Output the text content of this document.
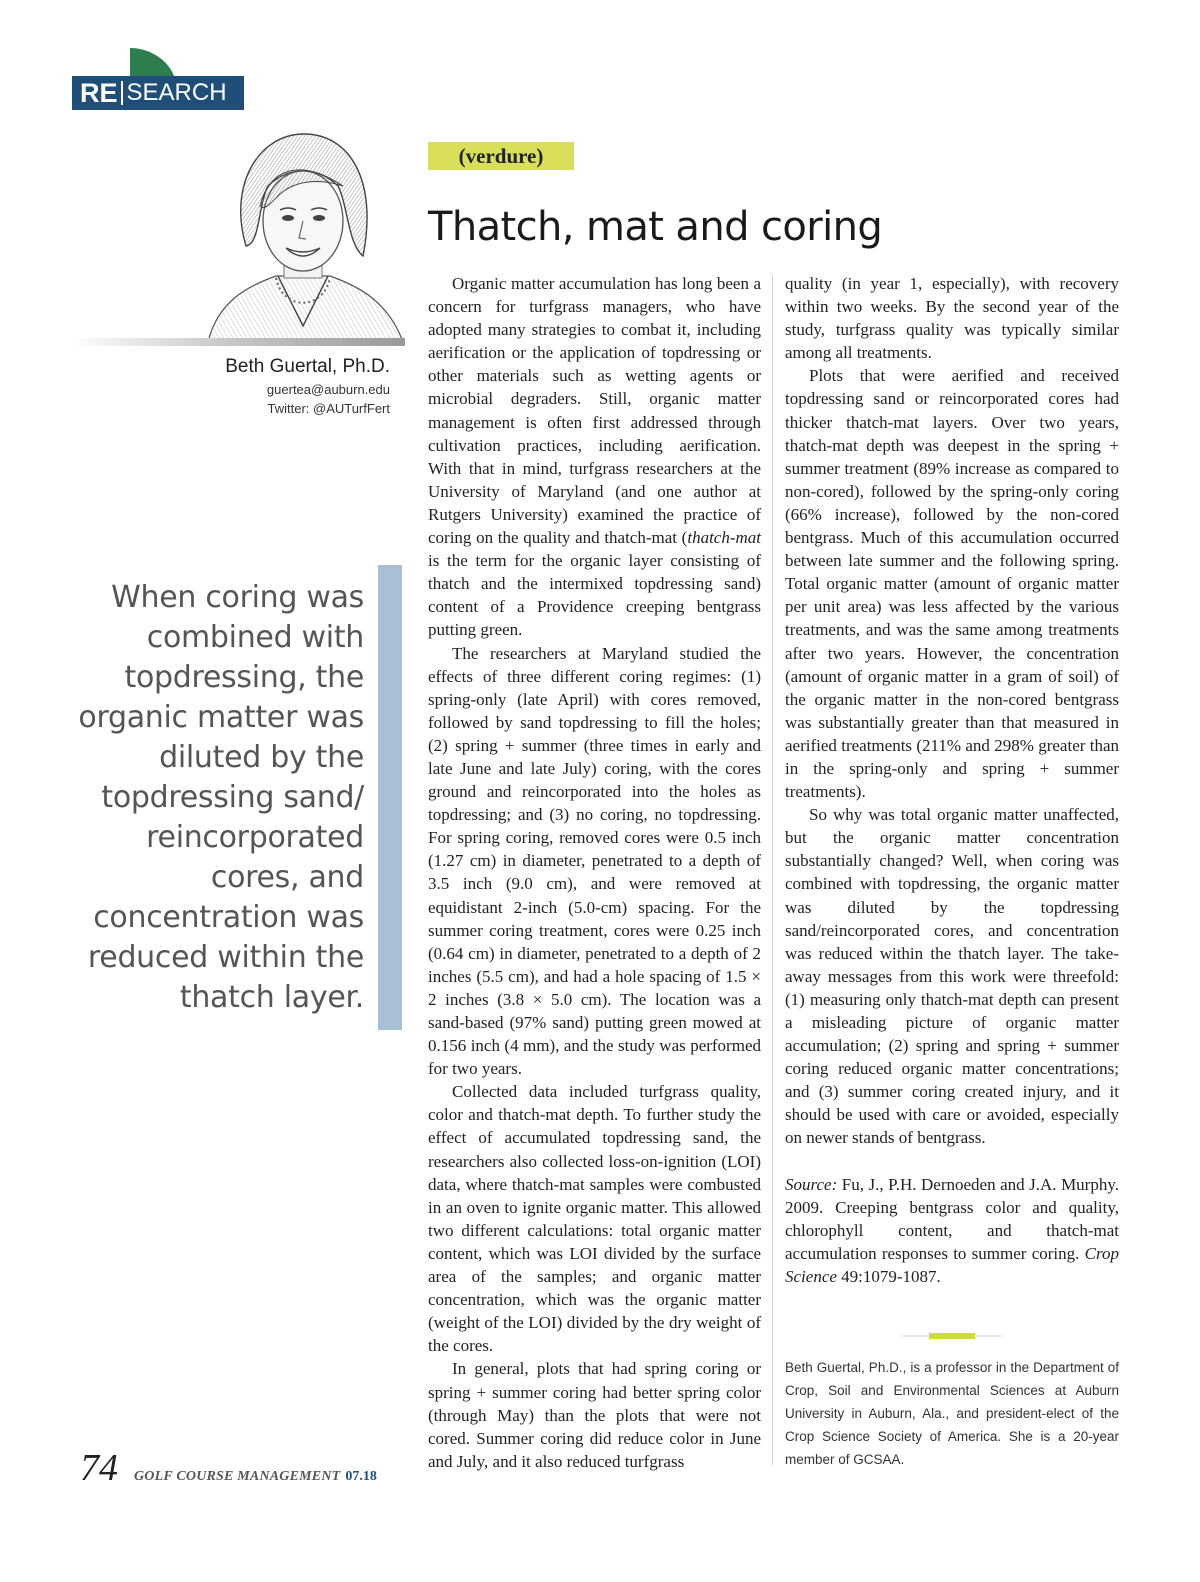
RE SEARCH
Beth Guertal, Ph.D.
guertea@auburn.edu
Twitter: @AUTurfFert
When coring was combined with topdressing, the organic matter was diluted by the topdressing sand/ reincorporated cores, and concentration was reduced within the thatch layer.
(verdure)
Thatch, mat and coring

Organic matter accumulation has long been a concern for turfgrass managers, who have adopted many strategies to combat it, including aerification or the application of topdressing or other materials such as wetting agents or microbial degraders. Still, organic matter management is often first addressed through cultivation practices, including aerification. With that in mind, turfgrass researchers at the University of Maryland (and one author at Rutgers University) examined the practice of coring on the quality and thatch-mat (thatch-mat is the term for the organic layer consisting of thatch and the intermixed topdressing sand) content of a Providence creeping bentgrass putting green.

The researchers at Maryland studied the effects of three different coring regimes: (1) spring-only (late April) with cores removed, followed by sand topdressing to fill the holes; (2) spring + summer (three times in early and late June and late July) coring, with the cores ground and reincorporated into the holes as topdressing; and (3) no coring, no topdressing. For spring coring, removed cores were 0.5 inch (1.27 cm) in diameter, penetrated to a depth of 3.5 inch (9.0 cm), and were removed at equidistant 2-inch (5.0-cm) spacing. For the summer coring treatment, cores were 0.25 inch (0.64 cm) in diameter, penetrated to a depth of 2 inches (5.5 cm), and had a hole spacing of 1.5 × 2 inches (3.8 × 5.0 cm). The location was a sand-based (97% sand) putting green mowed at 0.156 inch (4 mm), and the study was performed for two years.

Collected data included turfgrass quality, color and thatch-mat depth. To further study the effect of accumulated topdressing sand, the researchers also collected loss-on-ignition (LOI) data, where thatch-mat samples were combusted in an oven to ignite organic matter. This allowed two different calculations: total organic matter content, which was LOI divided by the surface area of the samples; and organic matter concentration, which was the organic matter (weight of the LOI) divided by the dry weight of the cores.

In general, plots that had spring coring or spring + summer coring had better spring color (through May) than the plots that were not cored. Summer coring did reduce color in June and July, and it also reduced turfgrass

quality (in year 1, especially), with recovery within two weeks. By the second year of the study, turfgrass quality was typically similar among all treatments.

Plots that were aerified and received topdressing sand or reincorporated cores had thicker thatch-mat layers. Over two years, thatch-mat depth was deepest in the spring + summer treatment (89% increase as compared to non-cored), followed by the spring-only coring (66% increase), followed by the non-cored bentgrass. Much of this accumulation occurred between late summer and the following spring. Total organic matter (amount of organic matter per unit area) was less affected by the various treatments, and was the same among treatments after two years. However, the concentration (amount of organic matter in a gram of soil) of the organic matter in the non-cored bentgrass was substantially greater than that measured in aerified treatments (211% and 298% greater than in the spring-only and spring + summer treatments).

So why was total organic matter unaffected, but the organic matter concentration substantially changed? Well, when coring was combined with topdressing, the organic matter was diluted by the topdressing sand/reincorporated cores, and concentration was reduced within the thatch layer. The take-away messages from this work were threefold: (1) measuring only thatch-mat depth can present a misleading picture of organic matter accumulation; (2) spring and spring + summer coring reduced organic matter concentrations; and (3) summer coring created injury, and it should be used with care or avoided, especially on newer stands of bentgrass.

Source: Fu, J., P.H. Dernoeden and J.A. Murphy. 2009. Creeping bentgrass color and quality, chlorophyll content, and thatch-mat accumulation responses to summer coring. Crop Science 49:1079-1087.

Beth Guertal, Ph.D., is a professor in the Department of Crop, Soil and Environmental Sciences at Auburn University in Auburn, Ala., and president-elect of the Crop Science Society of America. She is a 20-year member of GCSAA.
74 GOLF COURSE MANAGEMENT 07.18
